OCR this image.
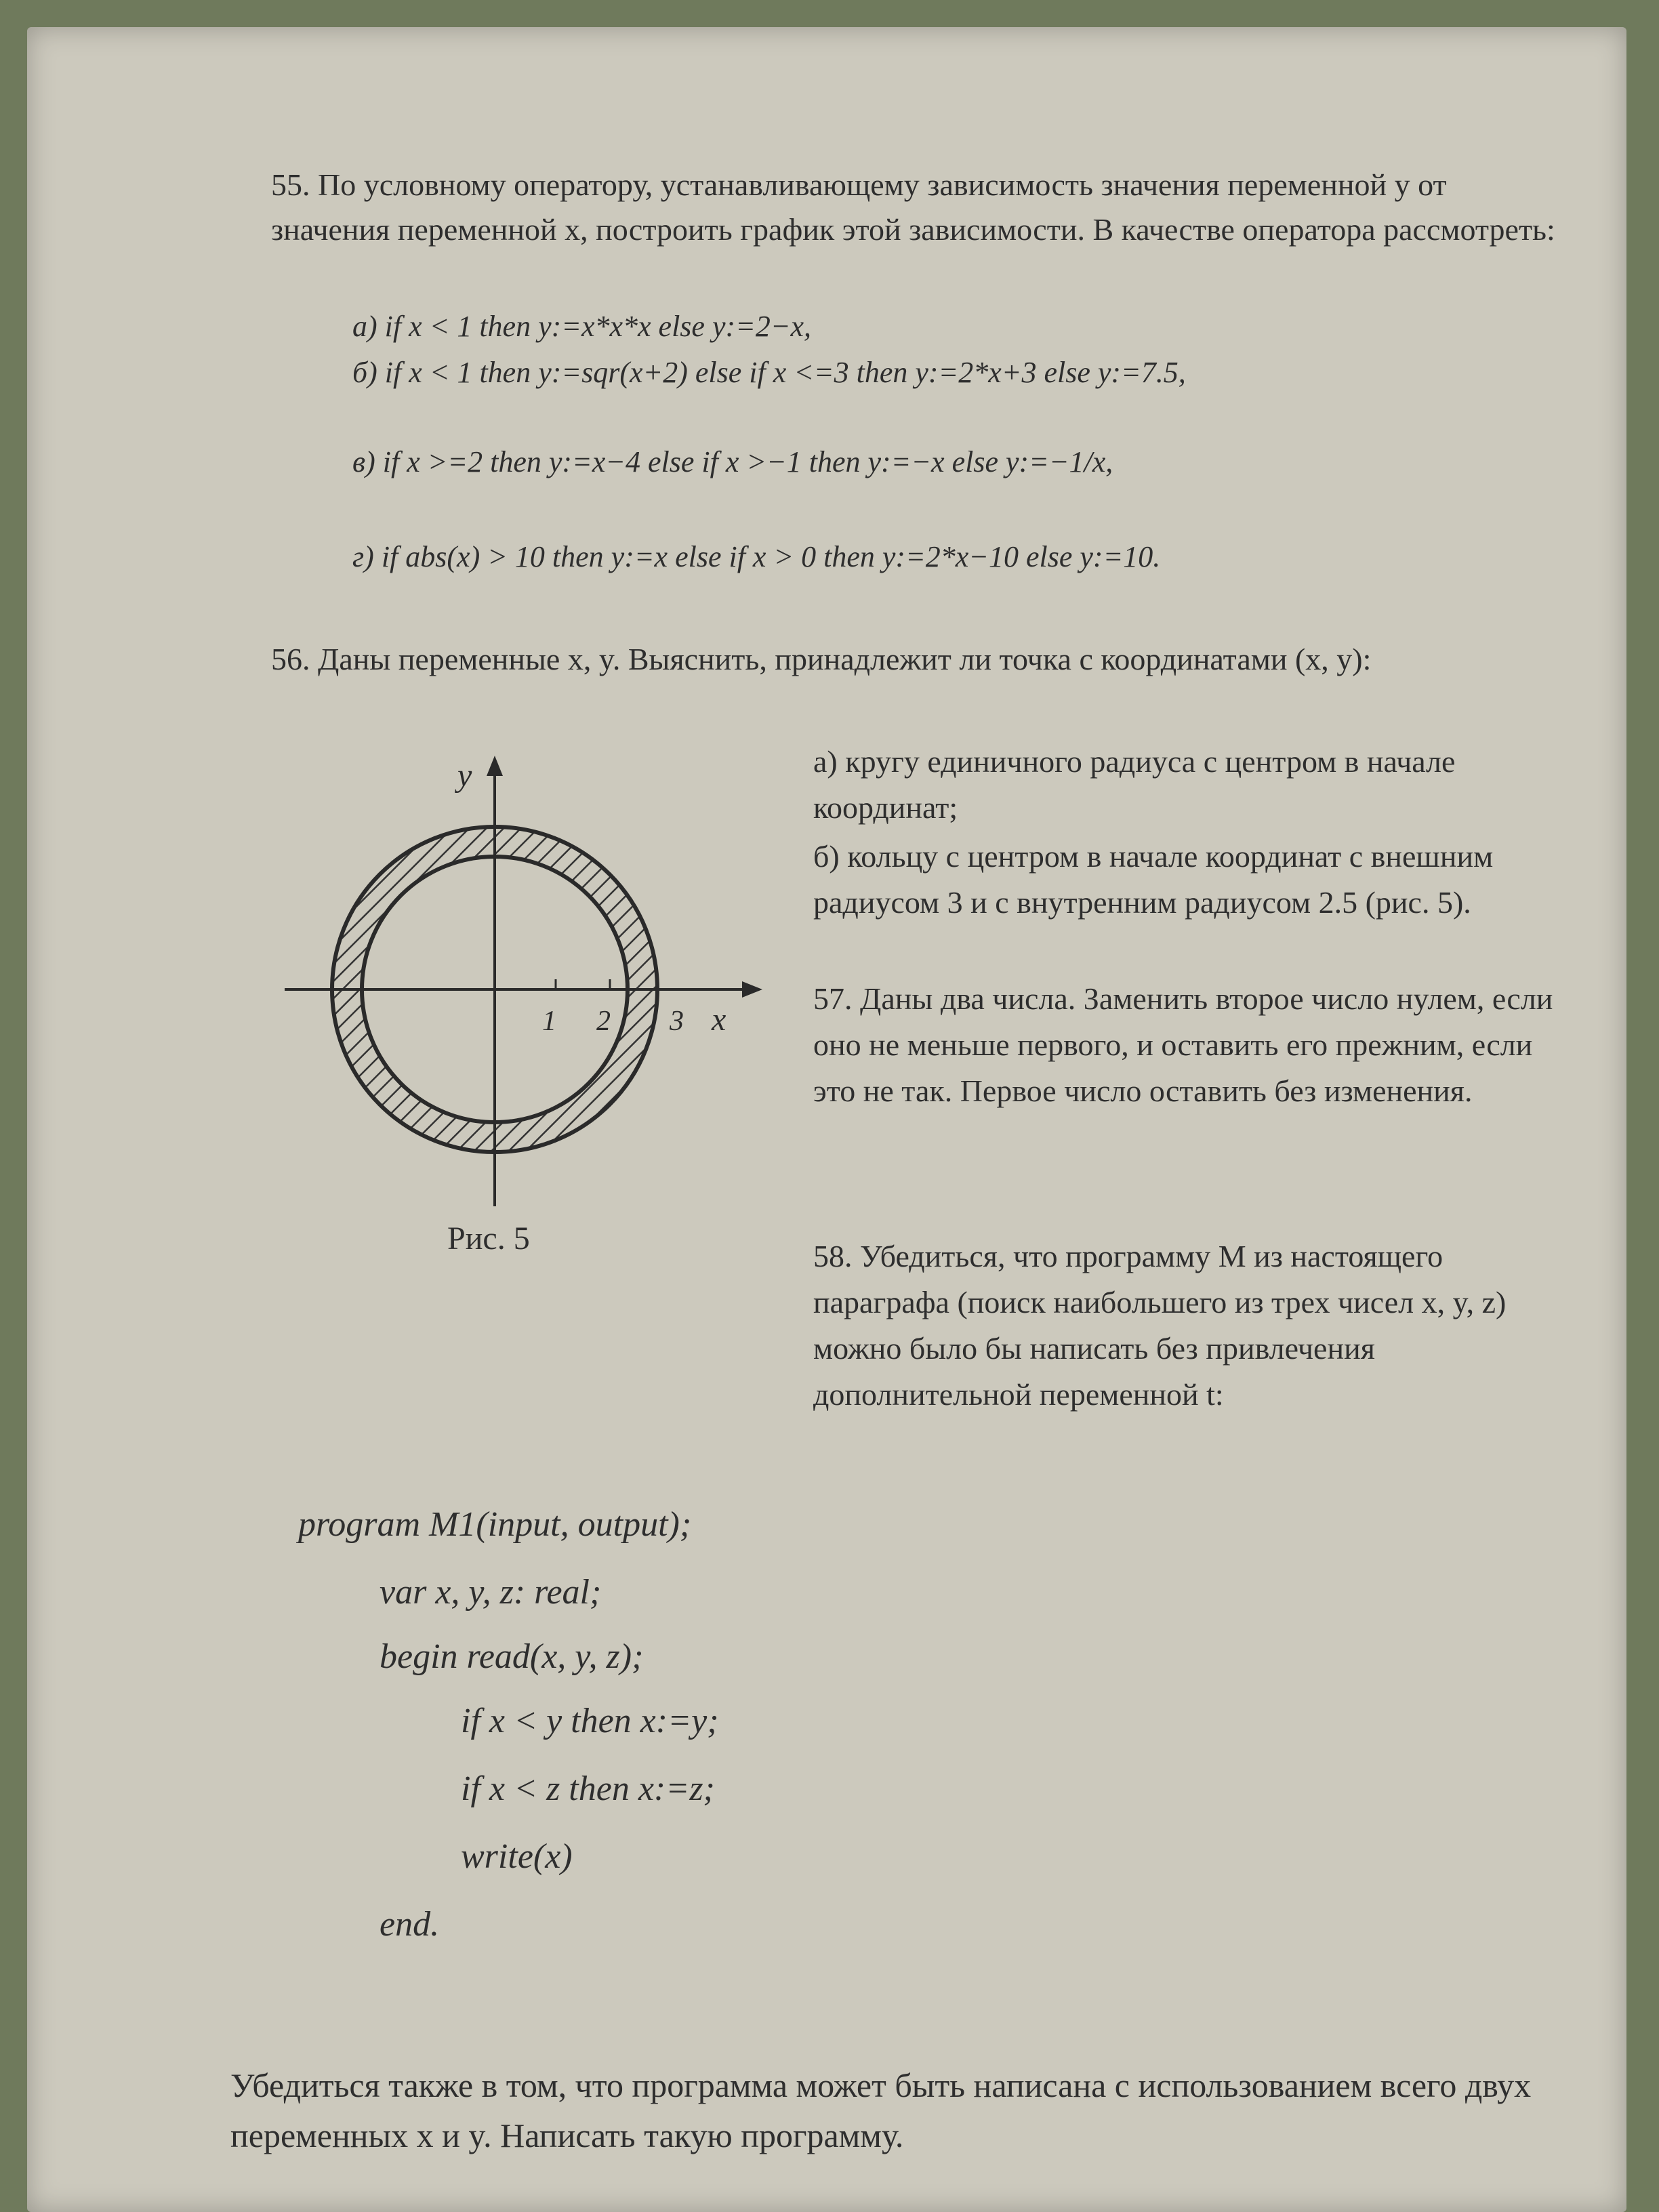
55. По условному оператору, устанавливающему зависимость значения переменной y от значения переменной x, построить график этой зависимости. В качестве оператора рассмотреть:
а) if x < 1 then y:=x*x*x else y:=2−x,
б) if x < 1 then y:=sqr(x+2) else if x <=3 then y:=2*x+3 else y:=7.5,
в) if x >=2 then y:=x−4 else if x >−1 then y:=−x else y:=−1/x,
г) if abs(x) > 10 then y:=x else if x > 0 then y:=2*x−10 else y:=10.
56. Даны переменные x, y. Выяснить, принадлежит ли точка с координатами (x, y):
1 2 3 x
y
Рис. 5
а) кругу единичного радиуса с центром в начале координат;
б) кольцу с центром в начале координат с внешним радиусом 3 и с внутренним радиусом 2.5 (рис. 5).
57. Даны два числа. Заменить второе число нулем, если оно не меньше первого, и оставить его прежним, если это не так. Первое число оставить без изменения.
58. Убедиться, что программу M из настоящего параграфа (поиск наибольшего из трех чисел x, y, z) можно было бы написать без привлечения дополнительной переменной t:
program M1(input, output);
var x, y, z: real;
begin read(x, y, z);
if x < y then x:=y;
if x < z then x:=z;
write(x)
end.
Убедиться также в том, что программа может быть написана с использованием всего двух переменных x и y. Написать такую программу.
